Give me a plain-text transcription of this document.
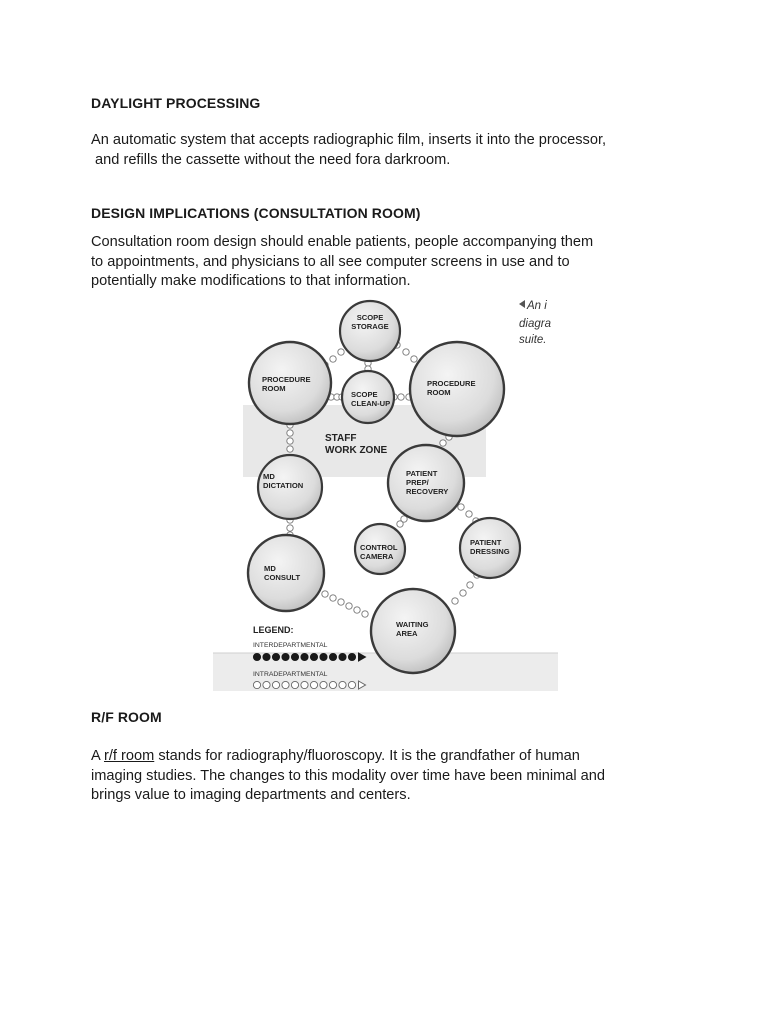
DAYLIGHT PROCESSING

An automatic system that accepts radiographic film, inserts it into the processor,
and refills the cassette without the need fora darkroom.

DESIGN IMPLICATIONS (CONSULTATION ROOM)

Consultation room design should enable patients, people accompanying them
to appointments, and physicians to all see computer screens in use and to
potentially make modifications to that information.

STAFF WORK ZONE
SCOPE STORAGE
PROCEDURE ROOM
SCOPE CLEAN-UP
PROCEDURE ROOM
MD DICTATION
PATIENT PREP/ RECOVERY
CONTROL CAMERA
PATIENT DRESSING
MD CONSULT
WAITING AREA
LEGEND:
INTERDEPARTMENTAL
INTRADEPARTMENTAL
An i
diagra
suite.
R/F ROOM

A r/f room stands for radiography/fluoroscopy. It is the grandfather of human
imaging studies. The changes to this modality over time have been minimal and
brings value to imaging departments and centers.
